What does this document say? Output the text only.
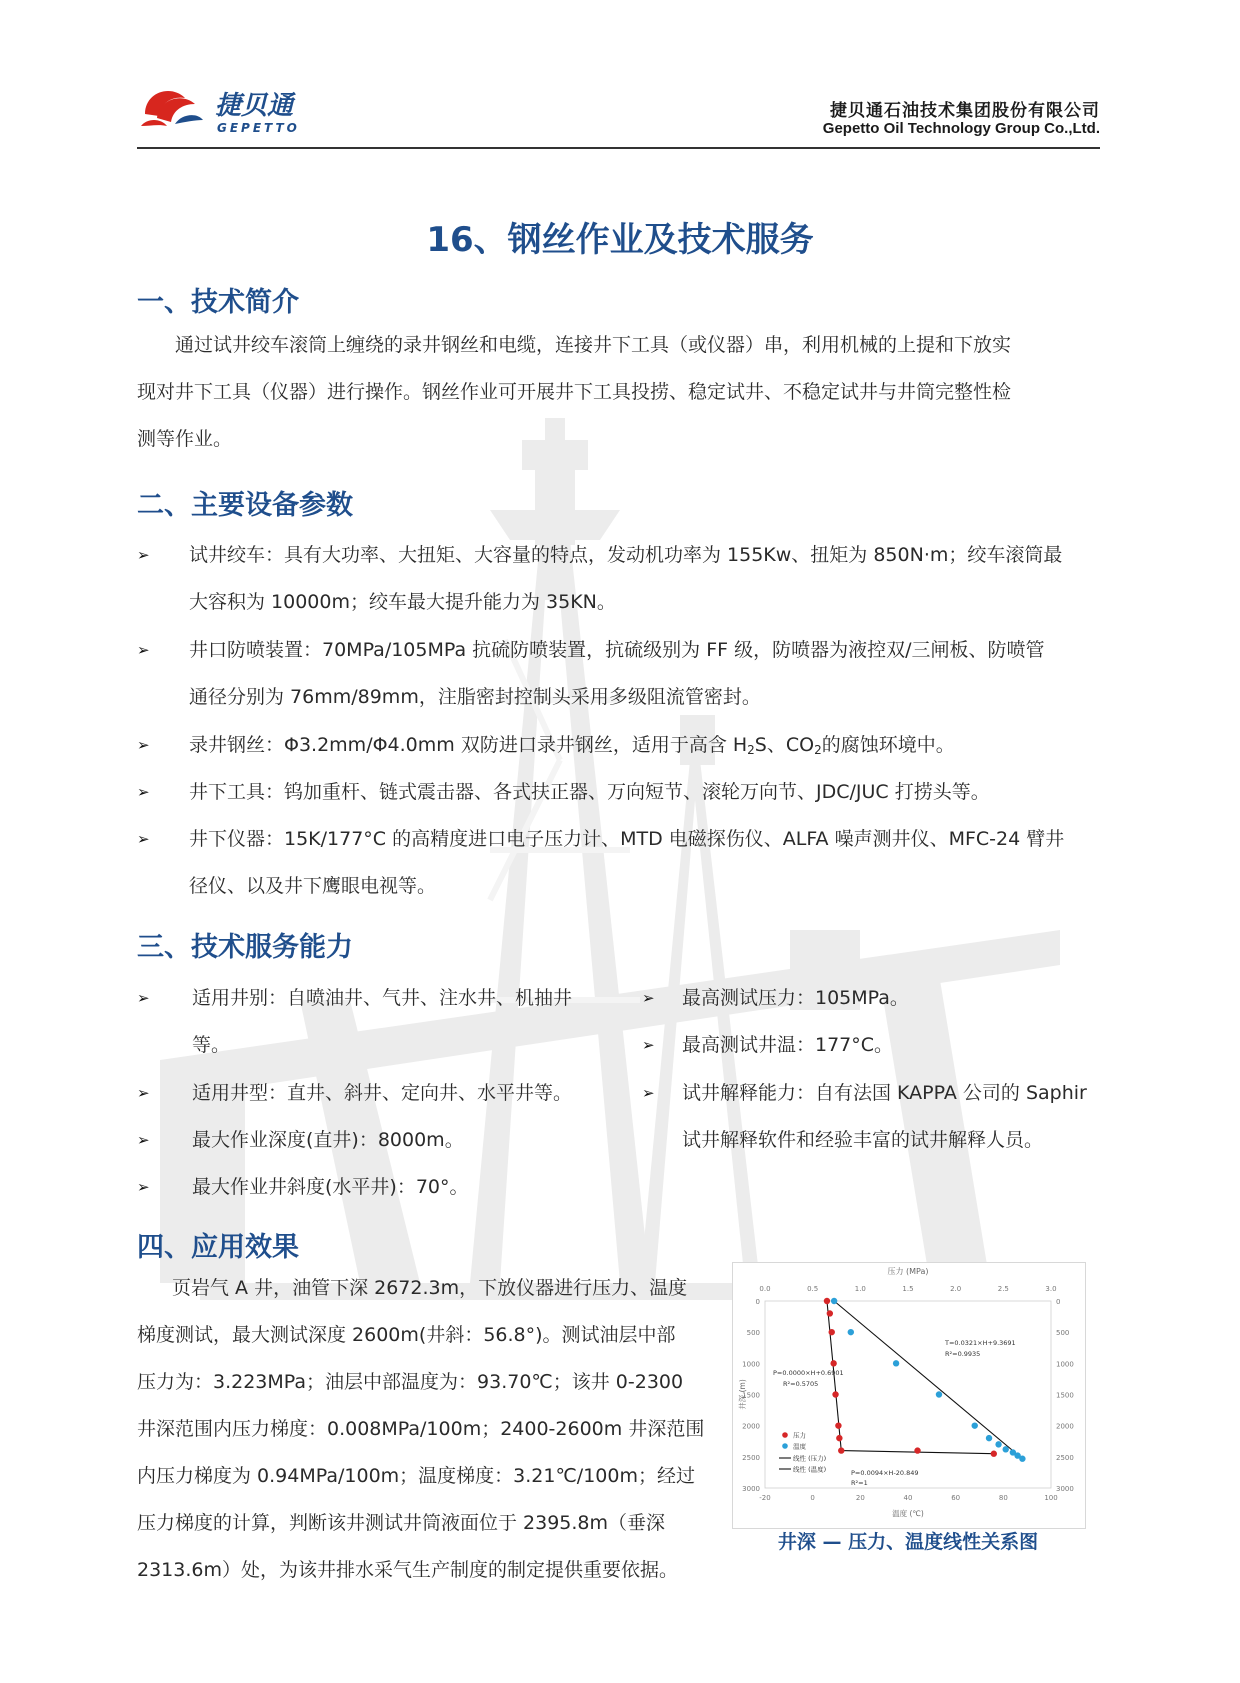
捷贝通
GEPETTO
捷贝通石油技术集团股份有限公司
Gepetto Oil Technology Group Co.,Ltd.
16、钢丝作业及技术服务
一、技术简介
通过试井绞车滚筒上缠绕的录井钢丝和电缆，连接井下工具（或仪器）串，利用机械的上提和下放实
现对井下工具（仪器）进行操作。钢丝作业可开展井下工具投捞、稳定试井、不稳定试井与井筒完整性检
测等作业。
二、主要设备参数
➢ 试井绞车：具有大功率、大扭矩、大容量的特点，发动机功率为 155Kw、扭矩为 850N·m；绞车滚筒最
大容积为 10000m；绞车最大提升能力为 35KN。
➢ 井口防喷装置：70MPa/105MPa 抗硫防喷装置，抗硫级别为 FF 级，防喷器为液控双/三闸板、防喷管
通径分别为 76mm/89mm，注脂密封控制头采用多级阻流管密封。
➢ 录井钢丝：Φ3.2mm/Φ4.0mm 双防进口录井钢丝，适用于高含 $H_2S$、$CO_2$的腐蚀环境中。
➢ 井下工具：钨加重杆、链式震击器、各式扶正器、万向短节、滚轮万向节、JDC/JUC 打捞头等。
➢ 井下仪器：15K/177°C 的高精度进口电子压力计、MTD 电磁探伤仪、ALFA 噪声测井仪、MFC-24 臂井
径仪、以及井下鹰眼电视等。
三、技术服务能力
➢ 适用井别：自喷油井、气井、注水井、机抽井
等。
➢ 适用井型：直井、斜井、定向井、水平井等。
➢ 最大作业深度(直井)：8000m。
➢ 最大作业井斜度(水平井)：70°。
➢ 最高测试压力：105MPa。
➢ 最高测试井温：177°C。
➢ 试井解释能力：自有法国 KAPPA 公司的 Saphir
试井解释软件和经验丰富的试井解释人员。
四、应用效果
页岩气 A 井，油管下深 2672.3m，下放仪器进行压力、温度
梯度测试，最大测试深度 2600m(井斜：56.8°)。测试油层中部
压力为：3.223MPa；油层中部温度为：93.70℃；该井 0-2300
井深范围内压力梯度：0.008MPa/100m；2400-2600m 井深范围
内压力梯度为 0.94MPa/100m；温度梯度：3.21℃/100m；经过
压力梯度的计算，判断该井测试井筒液面位于 2395.8m（垂深
2313.6m）处，为该井排水采气生产制度的制定提供重要依据。
压力 (MPa)
0.0	0.5	1.0	1.5	2.0	2.5	3.0
-20	0	20	40	60	80	100
温度 (℃)
0	0
500	500
1000	1000
1500	1500
2000	2000
2500	2500
3000	3000
井深 (m)
T=0.0321×H+9.3691
R²=0.9935
P=0.0000×H+0.6901
R²=0.5705
P=0.0094×H-20.849
R²=1
压力
温度
线性 (压力)
线性 (温度)
井深 — 压力、温度线性关系图
